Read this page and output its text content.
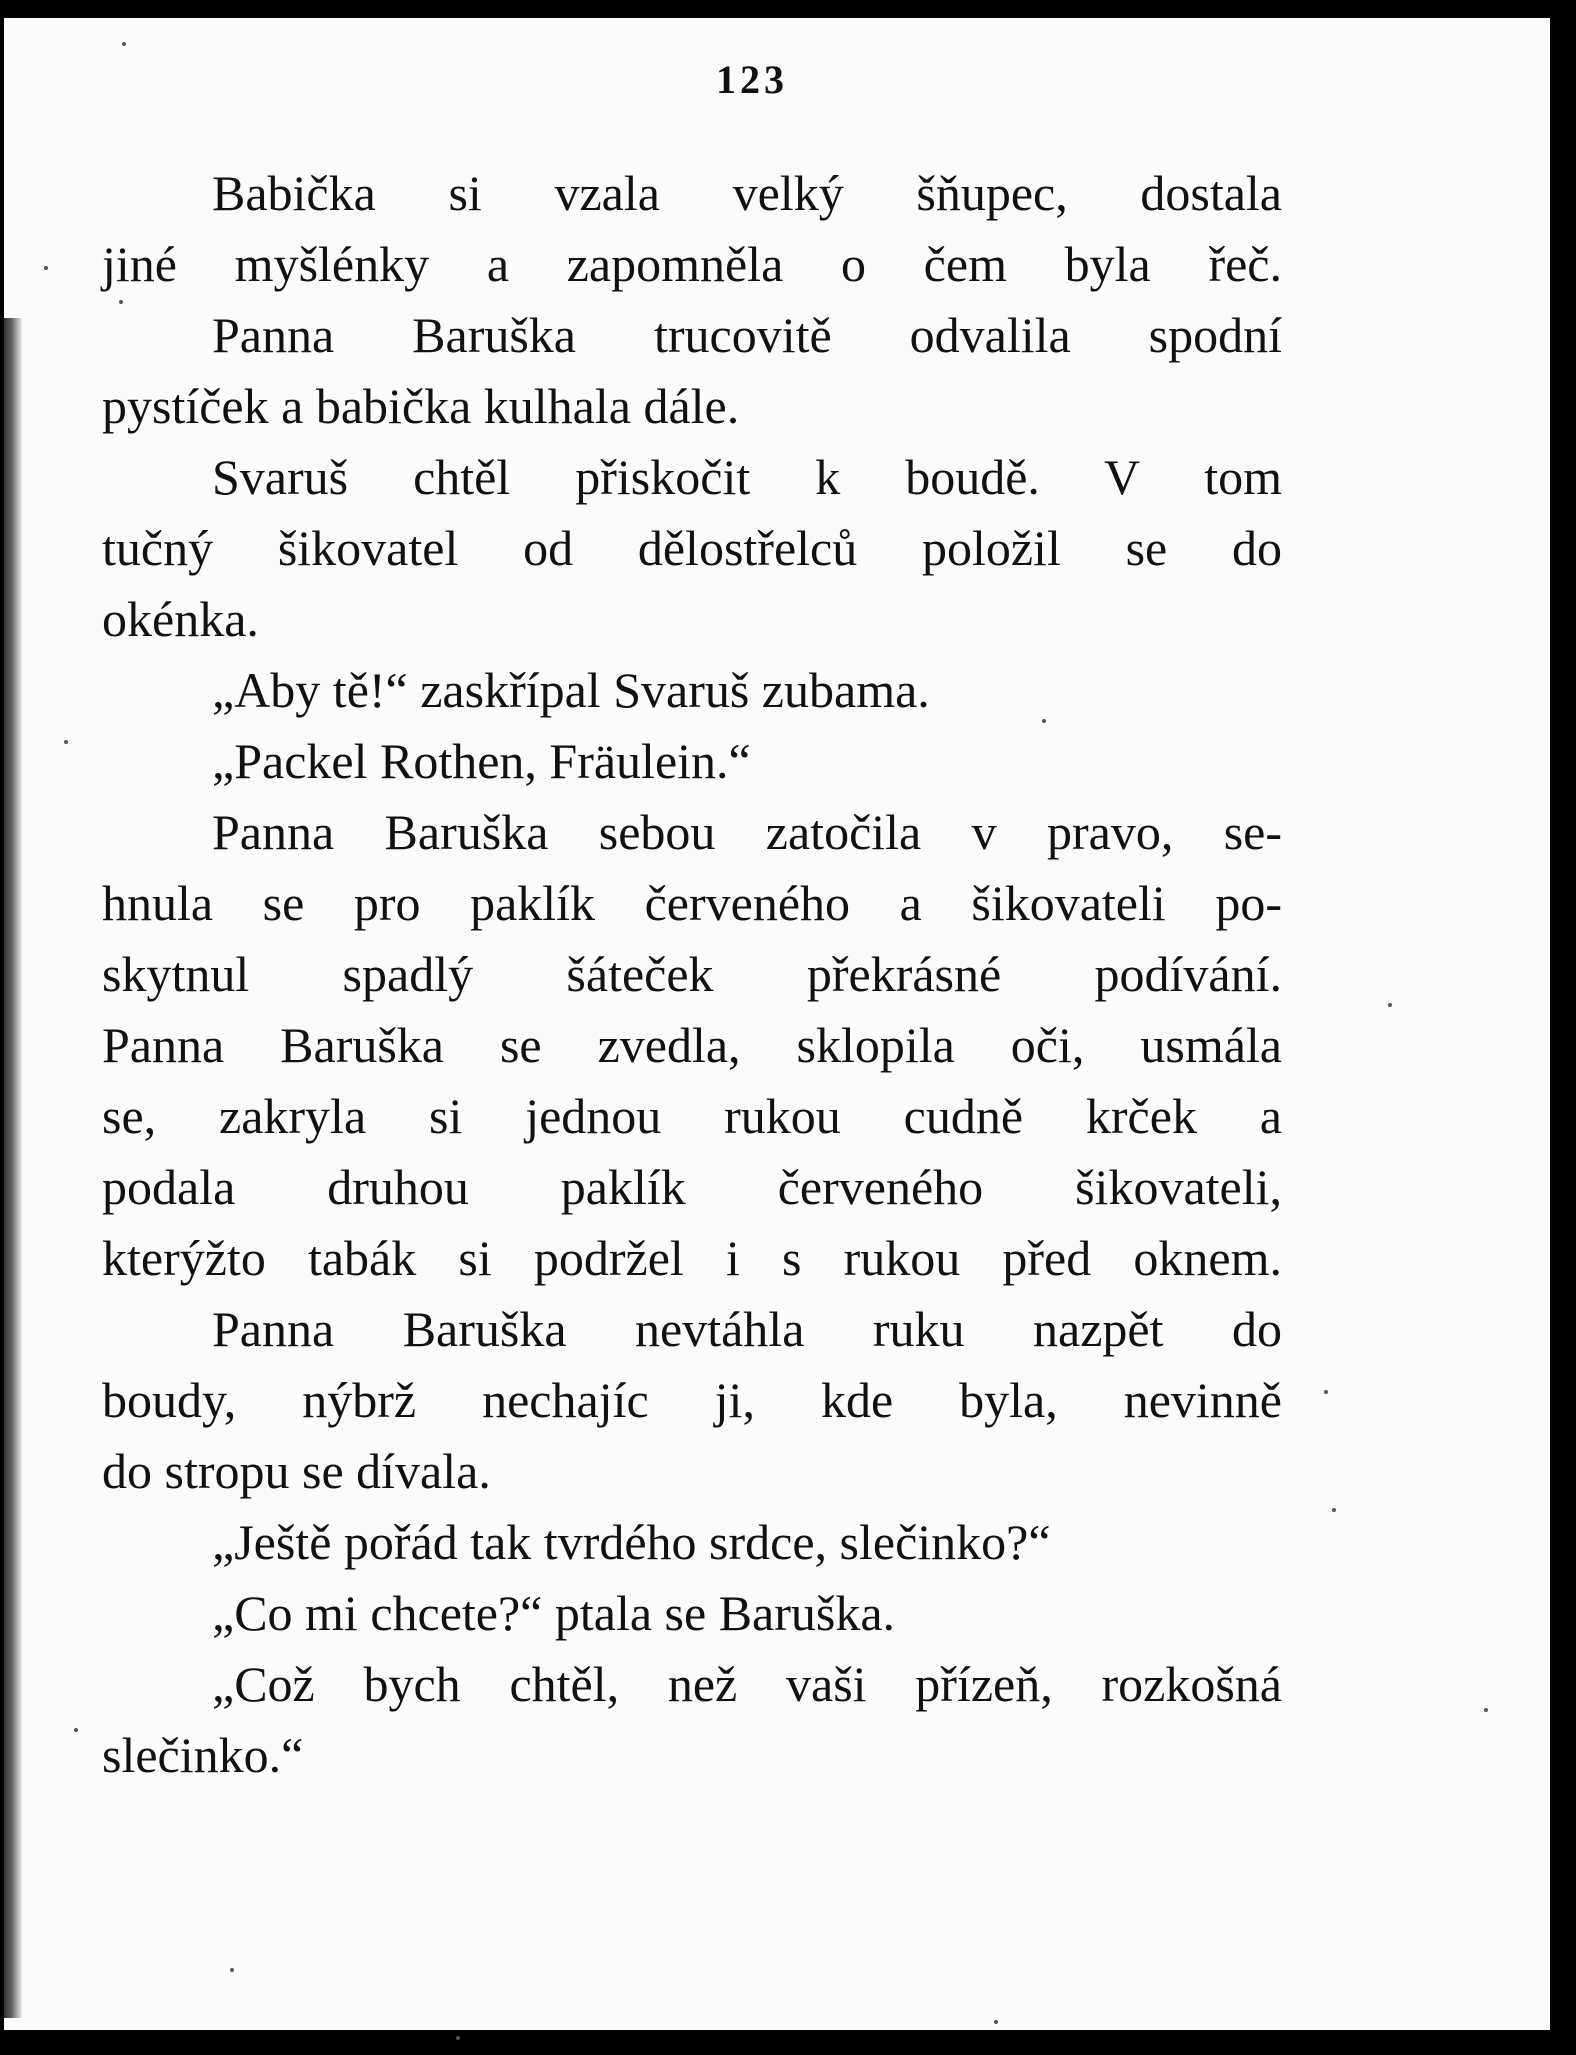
123
Babička si vzala velký šňupec, dostala
jiné myšlénky a zapomněla o čem byla řeč.
Panna Baruška trucovitě odvalila spodní
pystíček a babička kulhala dále.
Svaruš chtěl přiskočit k boudě. V tom
tučný šikovatel od dělostřelců položil se do
okénka.
„Aby tě!“ zaskřípal Svaruš zubama.
„Packel Rothen, Fräulein.“
Panna Baruška sebou zatočila v pravo, se-
hnula se pro paklík červeného a šikovateli po-
skytnul spadlý šáteček překrásné podívání.
Panna Baruška se zvedla, sklopila oči, usmála
se, zakryla si jednou rukou cudně krček a
podala druhou paklík červeného šikovateli,
kterýžto tabák si podržel i s rukou před oknem.
Panna Baruška nevtáhla ruku nazpět do
boudy, nýbrž nechajíc ji, kde byla, nevinně
do stropu se dívala.
„Ještě pořád tak tvrdého srdce, slečinko?“
„Co mi chcete?“ ptala se Baruška.
„Což bych chtěl, než vaši přízeň, rozkošná
slečinko.“
